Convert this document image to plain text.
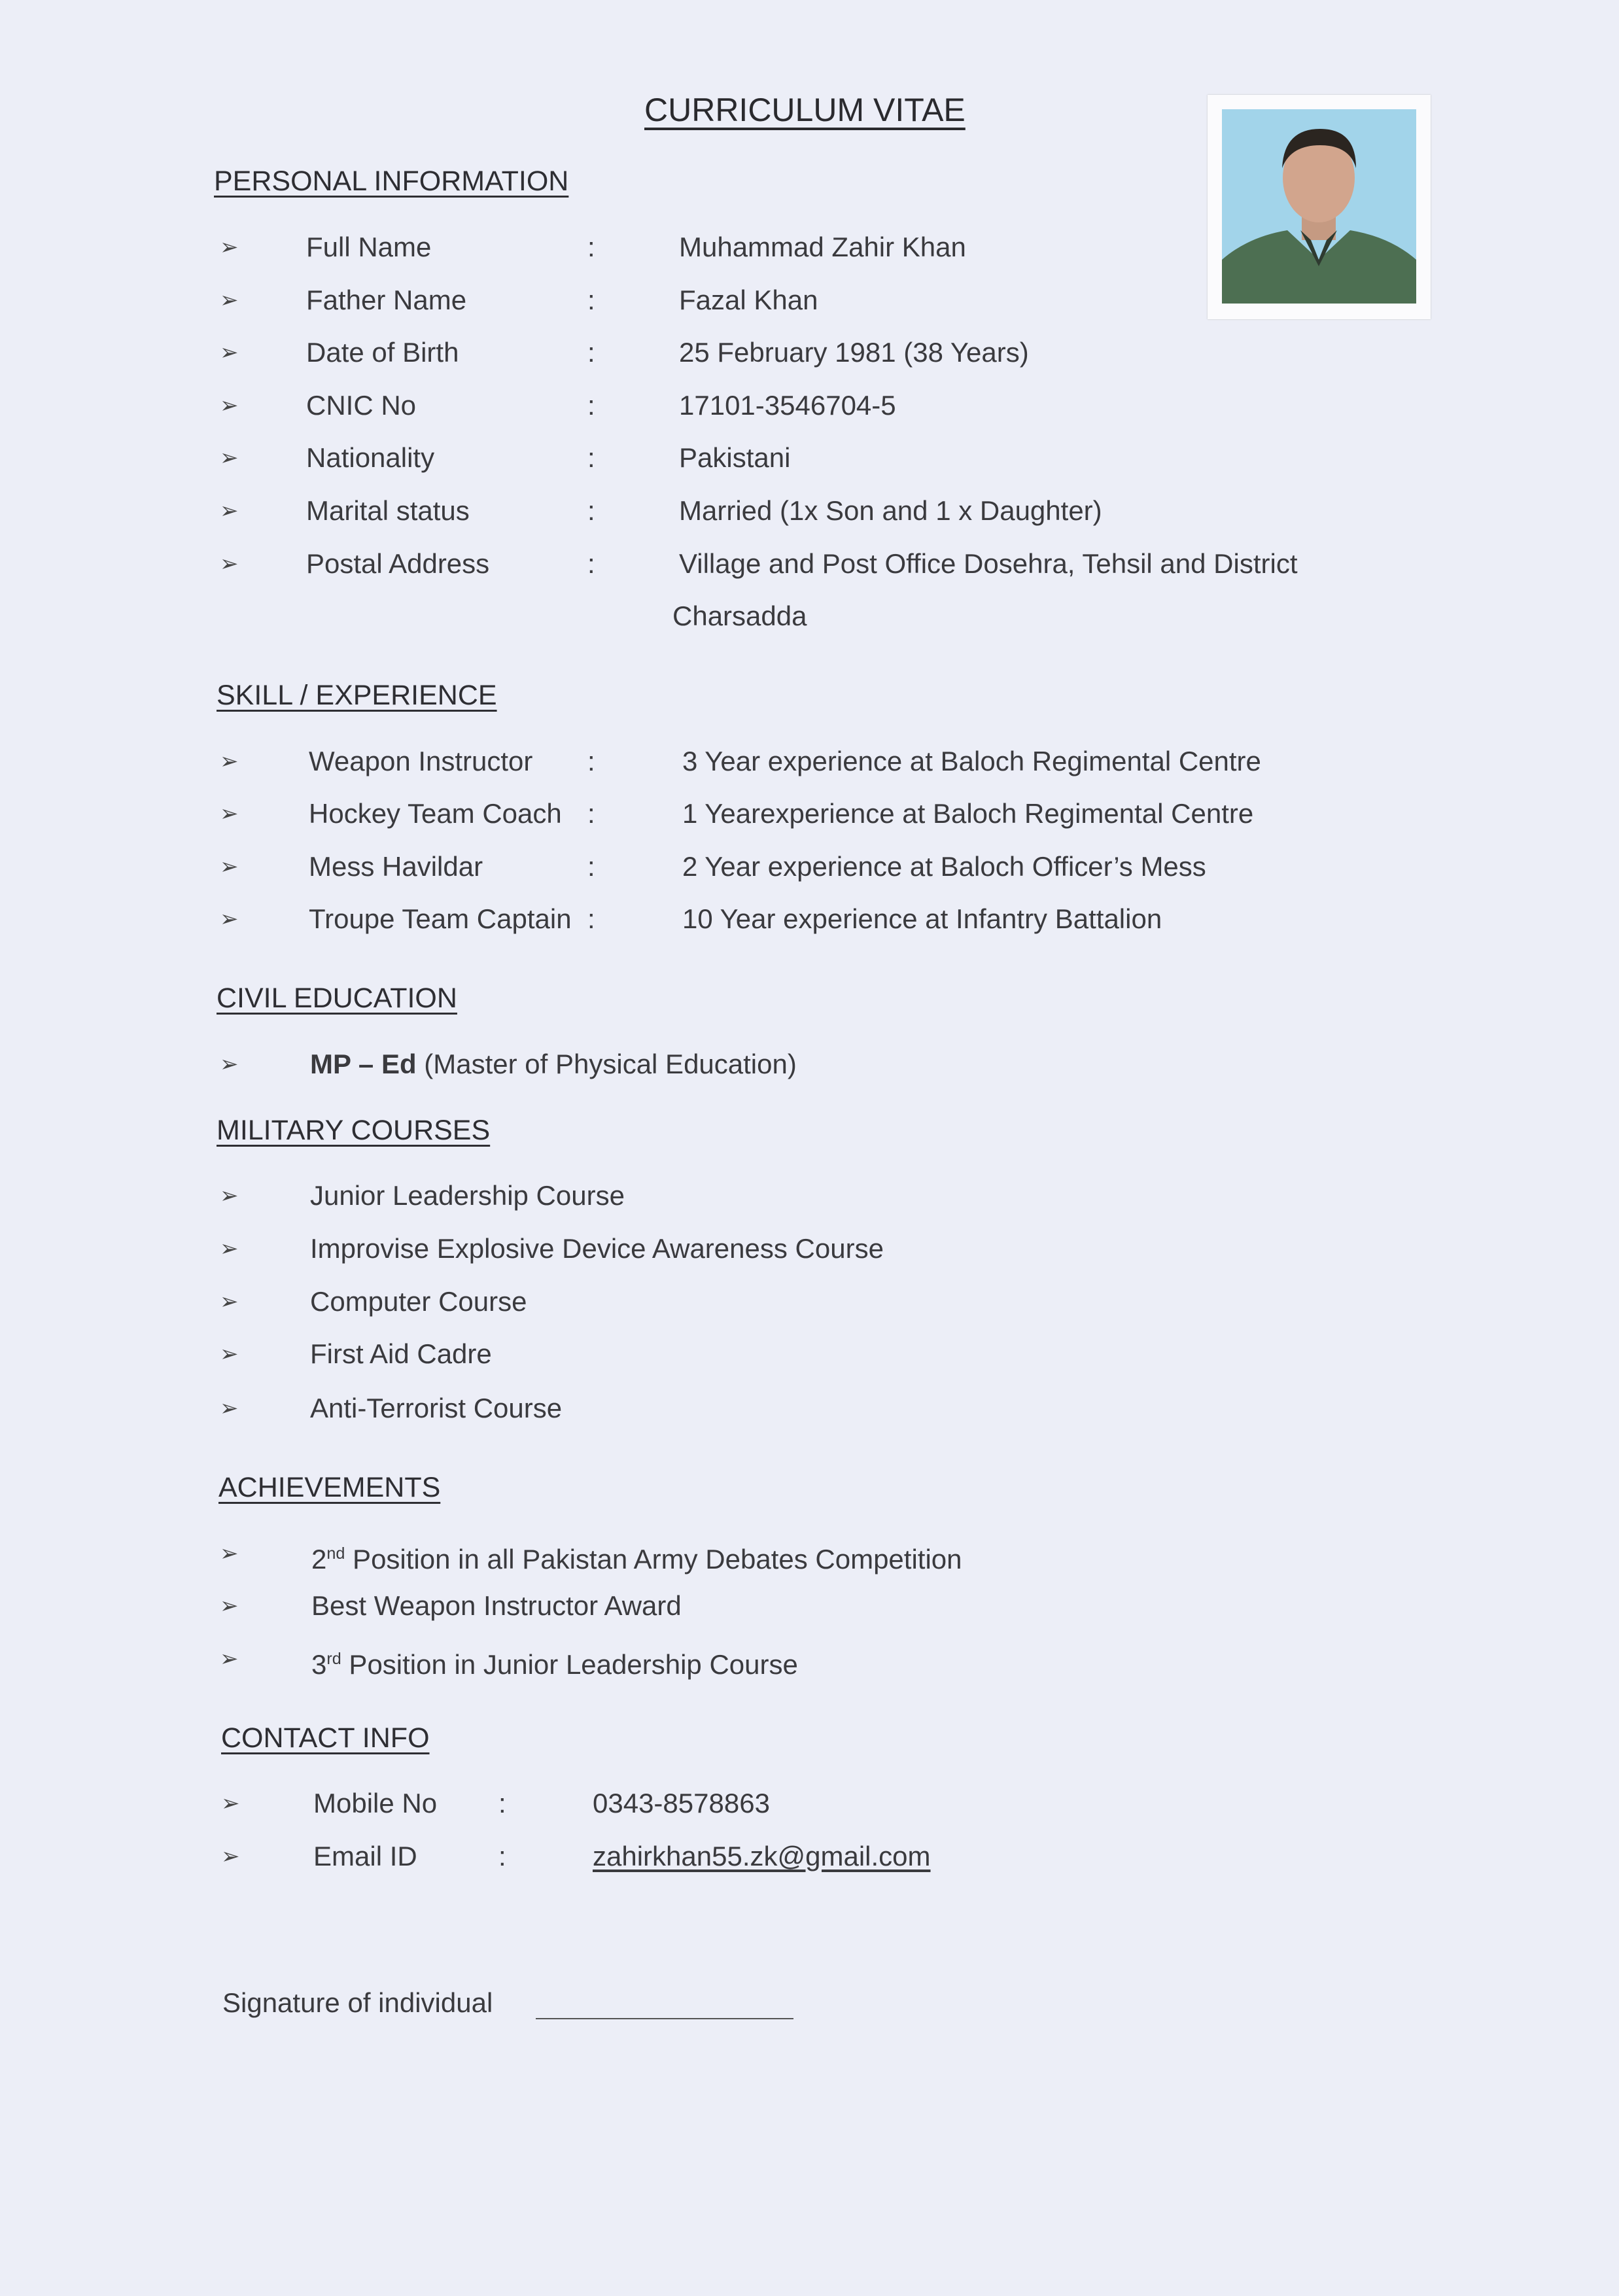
CURRICULUM VITAE
PERSONAL INFORMATION
➢ Full Name	:	Muhammad Zahir Khan
➢ Father Name	:	Fazal Khan
➢ Date of Birth	:	25 February 1981 (38 Years)
➢ CNIC No	:	17101-3546704-5
➢ Nationality	:	Pakistani
➢ Marital status	:	Married (1x Son and 1 x Daughter)
➢ Postal Address	:	Village and Post Office Dosehra, Tehsil and District
Charsadda
SKILL / EXPERIENCE
➢	Weapon Instructor :	3 Year experience at Baloch Regimental Centre
➢	Hockey Team Coach :	1 Yearexperience at Baloch Regimental Centre
➢	Mess Havildar	:	2 Year experience at Baloch Officer’s Mess
➢	Troupe Team Captain :	10 Year experience at Infantry Battalion
CIVIL EDUCATION
➢	MP – Ed (Master of Physical Education)
MILITARY COURSES
➢	Junior Leadership Course
➢	Improvise Explosive Device Awareness Course
➢	Computer Course
➢	First Aid Cadre
➢	Anti-Terrorist Course
ACHIEVEMENTS
➢	2nd Position in all Pakistan Army Debates Competition
➢	Best Weapon Instructor Award
➢	3rd Position in Junior Leadership Course
CONTACT INFO
➢	Mobile No :	0343-8578863
➢	Email ID	:	zahirkhan55.zk@gmail.com
Signature of individual
